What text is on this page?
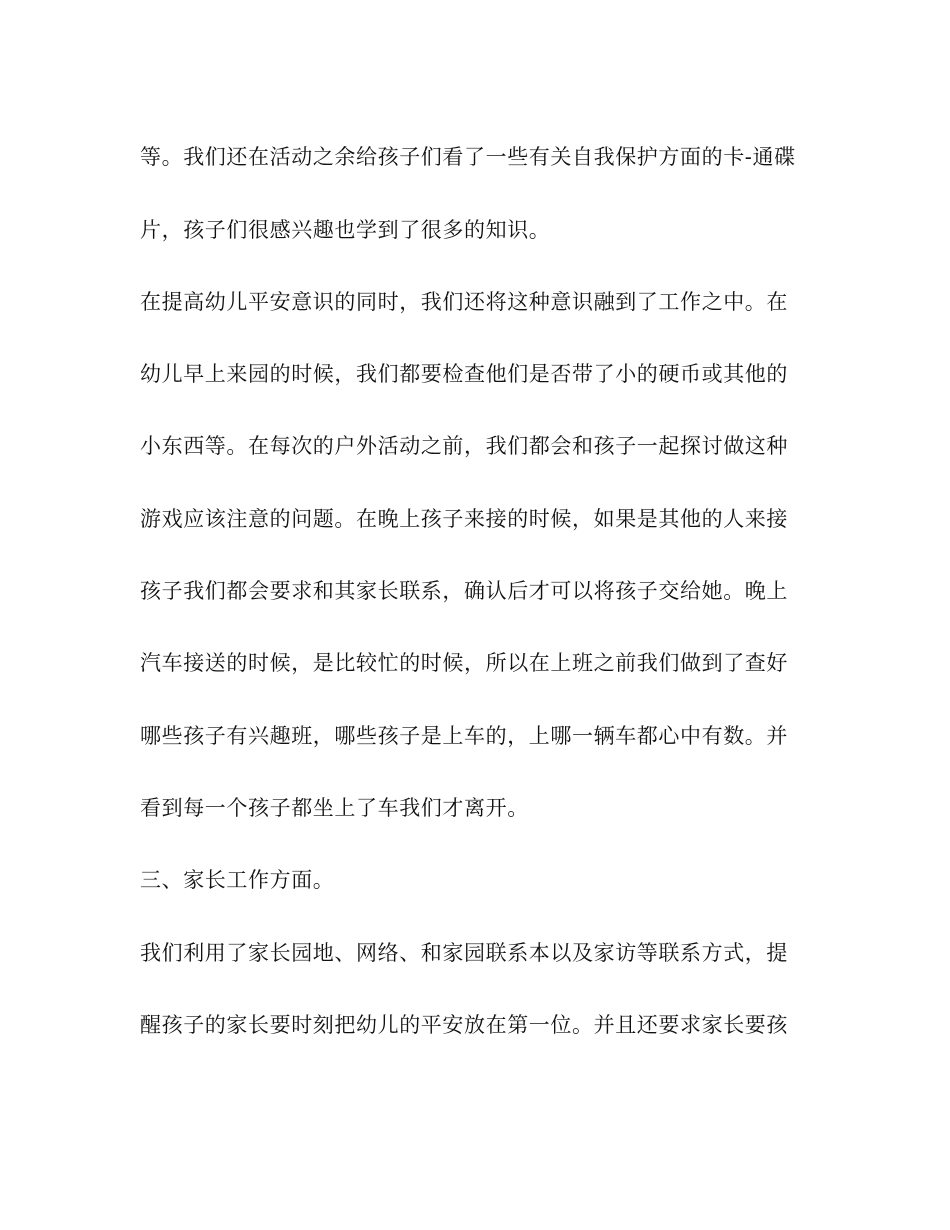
等。我们还在活动之余给孩子们看了一些有关自我保护方面的卡-通碟
片，孩子们很感兴趣也学到了很多的知识。
在提高幼儿平安意识的同时，我们还将这种意识融到了工作之中。在
幼儿早上来园的时候，我们都要检查他们是否带了小的硬币或其他的
小东西等。在每次的户外活动之前，我们都会和孩子一起探讨做这种
游戏应该注意的问题。在晚上孩子来接的时候，如果是其他的人来接
孩子我们都会要求和其家长联系，确认后才可以将孩子交给她。晚上
汽车接送的时候，是比较忙的时候，所以在上班之前我们做到了查好
哪些孩子有兴趣班，哪些孩子是上车的，上哪一辆车都心中有数。并
看到每一个孩子都坐上了车我们才离开。
三、家长工作方面。
我们利用了家长园地、网络、和家园联系本以及家访等联系方式，提
醒孩子的家长要时刻把幼儿的平安放在第一位。并且还要求家长要孩
